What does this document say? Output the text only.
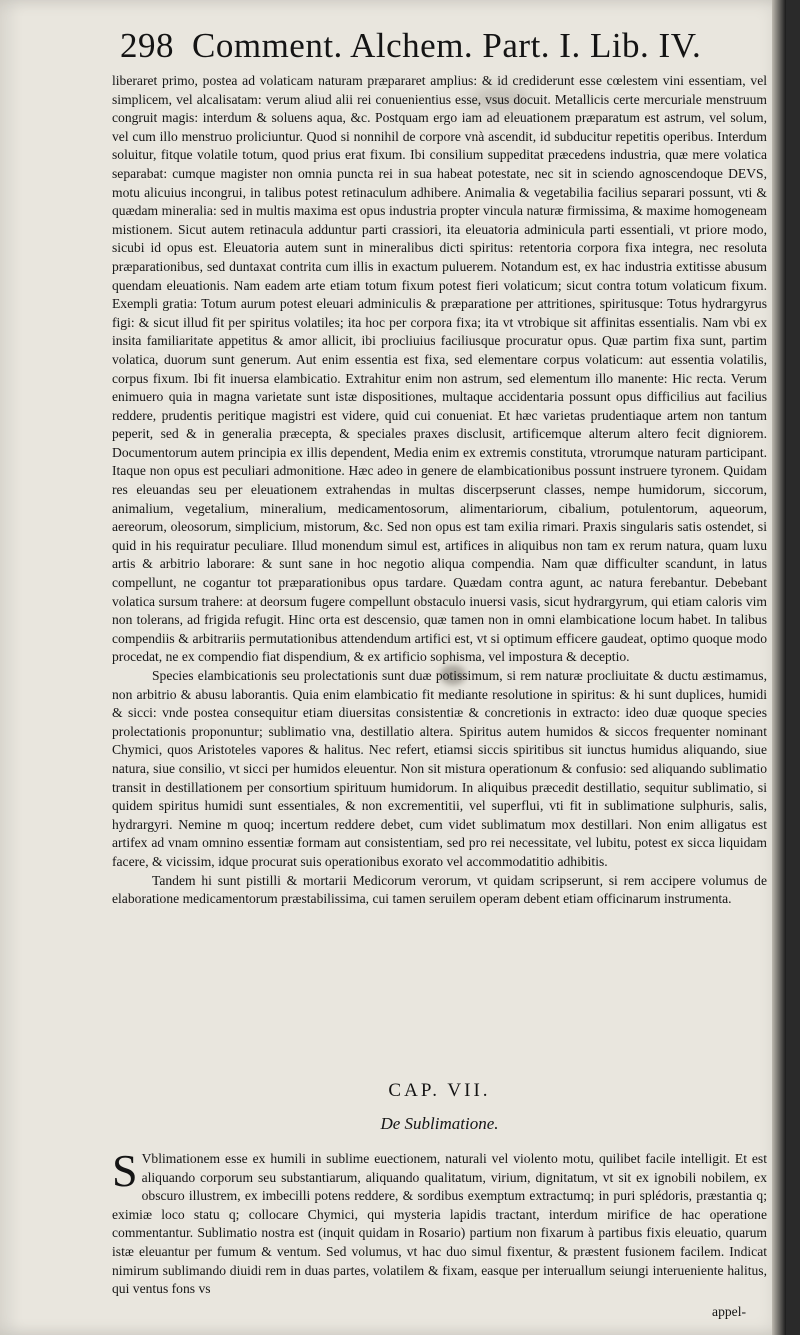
298 Comment. Alchem. Part. I. Lib. IV.

liberaret primo, postea ad volaticam naturam præpararet amplius: & id crediderunt esse cœlestem vini essentiam, vel simplicem, vel alcalisatam: verum aliud alii rei conuenientius esse, vsus docuit. Metallicis certe mercuriale menstruum congruit magis: interdum & soluens aqua, &c. Postquam ergo iam ad eleuationem præparatum est astrum, vel solum, vel cum illo menstruo proliciuntur. Quod si nonnihil de corpore vnà ascendit, id subducitur repetitis operibus. Interdum soluitur, fitque volatile totum, quod prius erat fixum. Ibi consilium suppeditat præcedens industria, quæ mere volatica separabat: cumque magister non omnia puncta rei in sua habeat potestate, nec sit in sciendo agnoscendoque DEVS, motu alicuius incongrui, in talibus potest retinaculum adhibere. Animalia & vegetabilia facilius separari possunt, vti & quædam mineralia: sed in multis maxima est opus industria propter vincula naturæ firmissima, & maxime homogeneam mistionem. Sicut autem retinacula adduntur parti crassiori, ita eleuatoria adminicula parti essentiali, vt priore modo, sicubi id opus est. Eleuatoria autem sunt in mineralibus dicti spiritus: retentoria corpora fixa integra, nec resoluta præparationibus, sed duntaxat contrita cum illis in exactum puluerem. Notandum est, ex hac industria extitisse abusum quendam eleuationis. Nam eadem arte etiam totum fixum potest fieri volaticum; sicut contra totum volaticum fixum. Exempli gratia: Totum aurum potest eleuari adminiculis & præparatione per attritiones, spiritusque: Totus hydrargyrus figi: & sicut illud fit per spiritus volatiles; ita hoc per corpora fixa; ita vt vtrobique sit affinitas essentialis. Nam vbi ex insita familiaritate appetitus & amor allicit, ibi procliuius faciliusque procuratur opus. Quæ partim fixa sunt, partim volatica, duorum sunt generum. Aut enim essentia est fixa, sed elementare corpus volaticum: aut essentia volatilis, corpus fixum. Ibi fit inuersa elambicatio. Extrahitur enim non astrum, sed elementum illo manente: Hic recta. Verum enimuero quia in magna varietate sunt istæ dispositiones, multaque accidentaria possunt opus difficilius aut facilius reddere, prudentis peritique magistri est videre, quid cui conueniat. Et hæc varietas prudentiaque artem non tantum peperit, sed & in generalia præcepta, & speciales praxes disclusit, artificemque alterum altero fecit digniorem. Documentorum autem principia ex illis dependent, Media enim ex extremis constituta, vtrorumque naturam participant. Itaque non opus est peculiari admonitione. Hæc adeo in genere de elambicationibus possunt instruere tyronem. Quidam res eleuandas seu per eleuationem extrahendas in multas discerpserunt classes, nempe humidorum, siccorum, animalium, vegetalium, mineralium, medicamentosorum, alimentariorum, cibalium, potulentorum, aqueorum, aereorum, oleosorum, simplicium, mistorum, &c. Sed non opus est tam exilia rimari. Praxis singularis satis ostendet, si quid in his requiratur peculiare. Illud monendum simul est, artifices in aliquibus non tam ex rerum natura, quam luxu artis & arbitrio laborare: & sunt sane in hoc negotio aliqua compendia. Nam quæ difficulter scandunt, in latus compellunt, ne cogantur tot præparationibus opus tardare. Quædam contra agunt, ac natura ferebantur. Debebant volatica sursum trahere: at deorsum fugere compellunt obstaculo inuersi vasis, sicut hydrargyrum, qui etiam caloris vim non tolerans, ad frigida refugit. Hinc orta est descensio, quæ tamen non in omni elambicatione locum habet. In talibus compendiis & arbitrariis permutationibus attendendum artifici est, vt si optimum efficere gaudeat, optimo quoque modo procedat, ne ex compendio fiat dispendium, & ex artificio sophisma, vel impostura & deceptio.

Species elambicationis seu prolectationis sunt duæ potissimum, si rem naturæ procliuitate & ductu æstimamus, non arbitrio & abusu laborantis. Quia enim elambicatio fit mediante resolutione in spiritus: & hi sunt duplices, humidi & sicci: vnde postea consequitur etiam diuersitas consistentiæ & concretionis in extracto: ideo duæ quoque species prolectationis proponuntur; sublimatio vna, destillatio altera. Spiritus autem humidos & siccos frequenter nominant Chymici, quos Aristoteles vapores & halitus. Nec refert, etiamsi siccis spiritibus sit iunctus humidus aliquando, siue natura, siue consilio, vt sicci per humidos eleuentur. Non sit mistura operationum & confusio: sed aliquando sublimatio transit in destillationem per consortium spirituum humidorum. In aliquibus præcedit destillatio, sequitur sublimatio, si quidem spiritus humidi sunt essentiales, & non excrementitii, vel superflui, vti fit in sublimatione sulphuris, salis, hydrargyri. Nemine m quoq; incertum reddere debet, cum videt sublimatum mox destillari. Non enim alligatus est artifex ad vnam omnino essentiæ formam aut consistentiam, sed pro rei necessitate, vel lubitu, potest ex sicca liquidam facere, & vicissim, idque procurat suis operationibus exorato vel accommodatitio adhibitis.

Tandem hi sunt pistilli & mortarii Medicorum verorum, vt quidam scripserunt, si rem accipere volumus de elaboratione medicamentorum præstabilissima, cui tamen seruilem operam debent etiam officinarum instrumenta.

CAP. VII.
De Sublimatione.
S Vblimationem esse ex humili in sublime euectionem, naturali vel violento motu, quilibet facile intelligit. Et est aliquando corporum seu substantiarum, aliquando qualitatum, virium, dignitatum, vt sit ex ignobili nobilem, ex obscuro illustrem, ex imbecilli potens reddere, & sordibus exemptum extractumq; in puri splédoris, præstantia q; eximiæ loco statu q; collocare Chymici, qui mysteria lapidis tractant, interdum mirifice de hac operatione commentantur. Sublimatio nostra est (inquit quidam in Rosario) partium non fixarum à partibus fixis eleuatio, quarum istæ eleuantur per fumum & ventum. Sed volumus, vt hac duo simul fixentur, & præstent fusionem facilem. Indicat nimirum sublimando diuidi rem in duas partes, volatilem & fixam, easque per interuallum seiungi interueniente halitus, qui ventus fons vs
appel-
